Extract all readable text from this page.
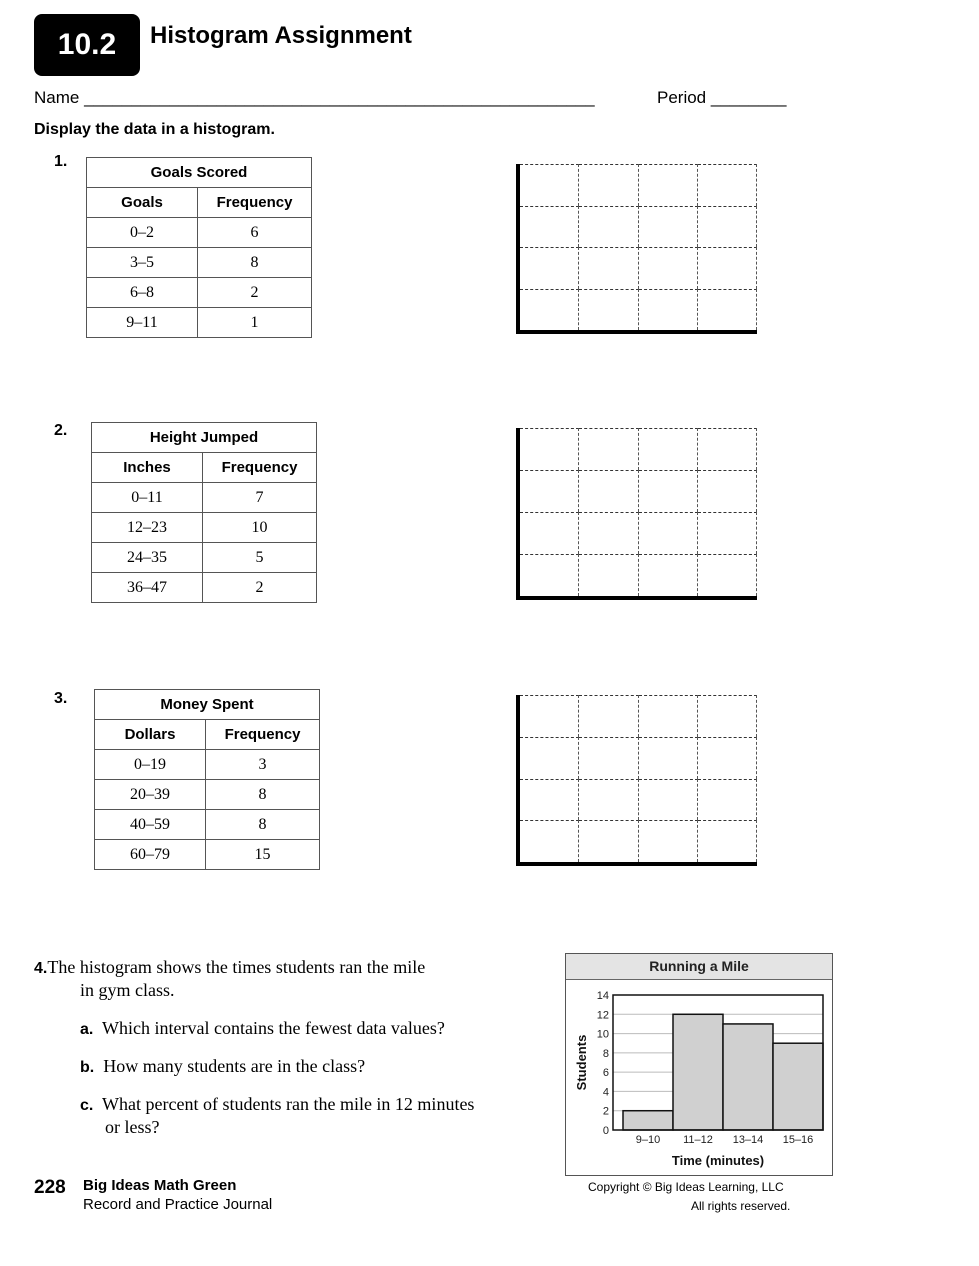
10.2	Histogram Assignment
Name ______________________________________________________	Period ________
Display the data in a histogram.
1.
Goals Scored	
Goals	Frequency
0–2	6
3–5	8
6–8	2
9–11	1
2.	Height Jumped	
Inches	Frequency
0–11	7
12–23	10
24–35	5
36–47	2
3.	Money Spent	
Dollars	Frequency
0–19	3
20–39	8
40–59	8
60–79	15
4.The histogram shows the times students ran the mile
in gym class.
a. Which interval contains the fewest data values?
b. How many students are in the class?
c. What percent of students ran the mile in 12 minutes
or less?
Running a Mile
0
2
4
6
8
10
12
14
9–10 11–12 13–14 15–16
Time (minutes)
Students
228 Big Ideas Math Green
Record and Practice Journal
Copyright © Big Ideas Learning, LLC
All rights reserved.
